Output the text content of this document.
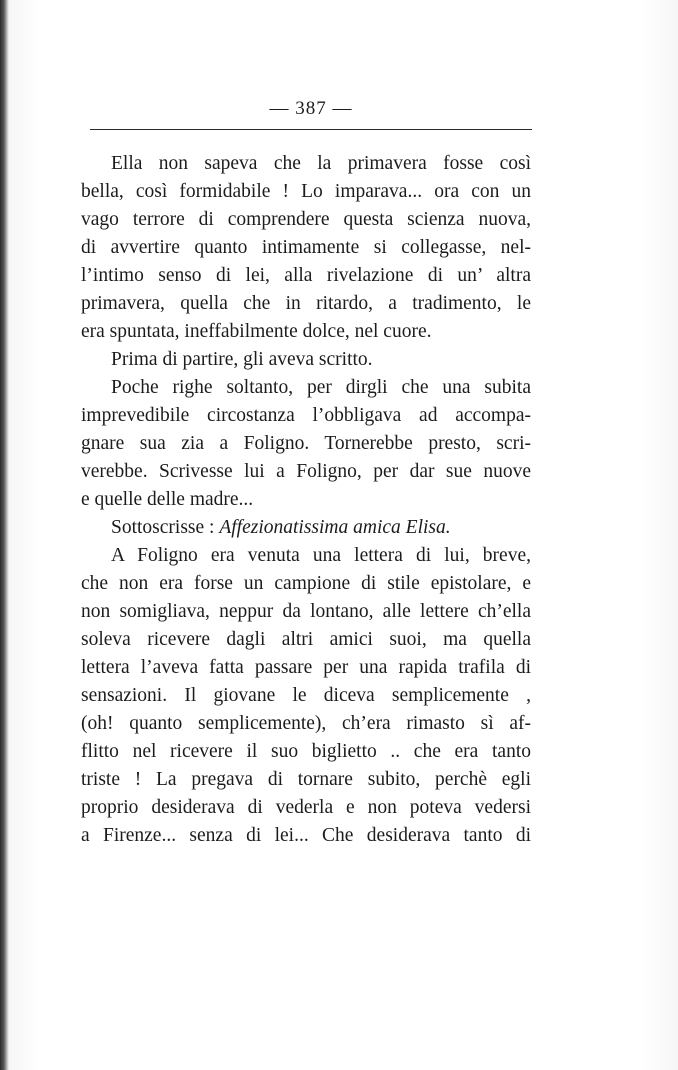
— 387 —
Ella non sapeva che la primavera fosse così
bella, così formidabile ! Lo imparava... ora con un
vago terrore di comprendere questa scienza nuova,
di avvertire quanto intimamente si collegasse, nel-
l’intimo senso di lei, alla rivelazione di un’ altra
primavera, quella che in ritardo, a tradimento, le
era spuntata, ineffabilmente dolce, nel cuore.
Prima di partire, gli aveva scritto.
Poche righe soltanto, per dirgli che una subita
imprevedibile circostanza l’obbligava ad accompa-
gnare sua zia a Foligno. Tornerebbe presto, scri-
verebbe. Scrivesse lui a Foligno, per dar sue nuove
e quelle delle madre...
Sottoscrisse : Affezionatissima amica Elisa.
A Foligno era venuta una lettera di lui, breve,
che non era forse un campione di stile epistolare, e
non somigliava, neppur da lontano, alle lettere ch’ella
soleva ricevere dagli altri amici suoi, ma quella
lettera l’aveva fatta passare per una rapida trafila di
sensazioni. Il giovane le diceva semplicemente ,
(oh! quanto semplicemente), ch’era rimasto sì af-
flitto nel ricevere il suo biglietto .. che era tanto
triste ! La pregava di tornare subito, perchè egli
proprio desiderava di vederla e non poteva vedersi
a Firenze... senza di lei... Che desiderava tanto di
